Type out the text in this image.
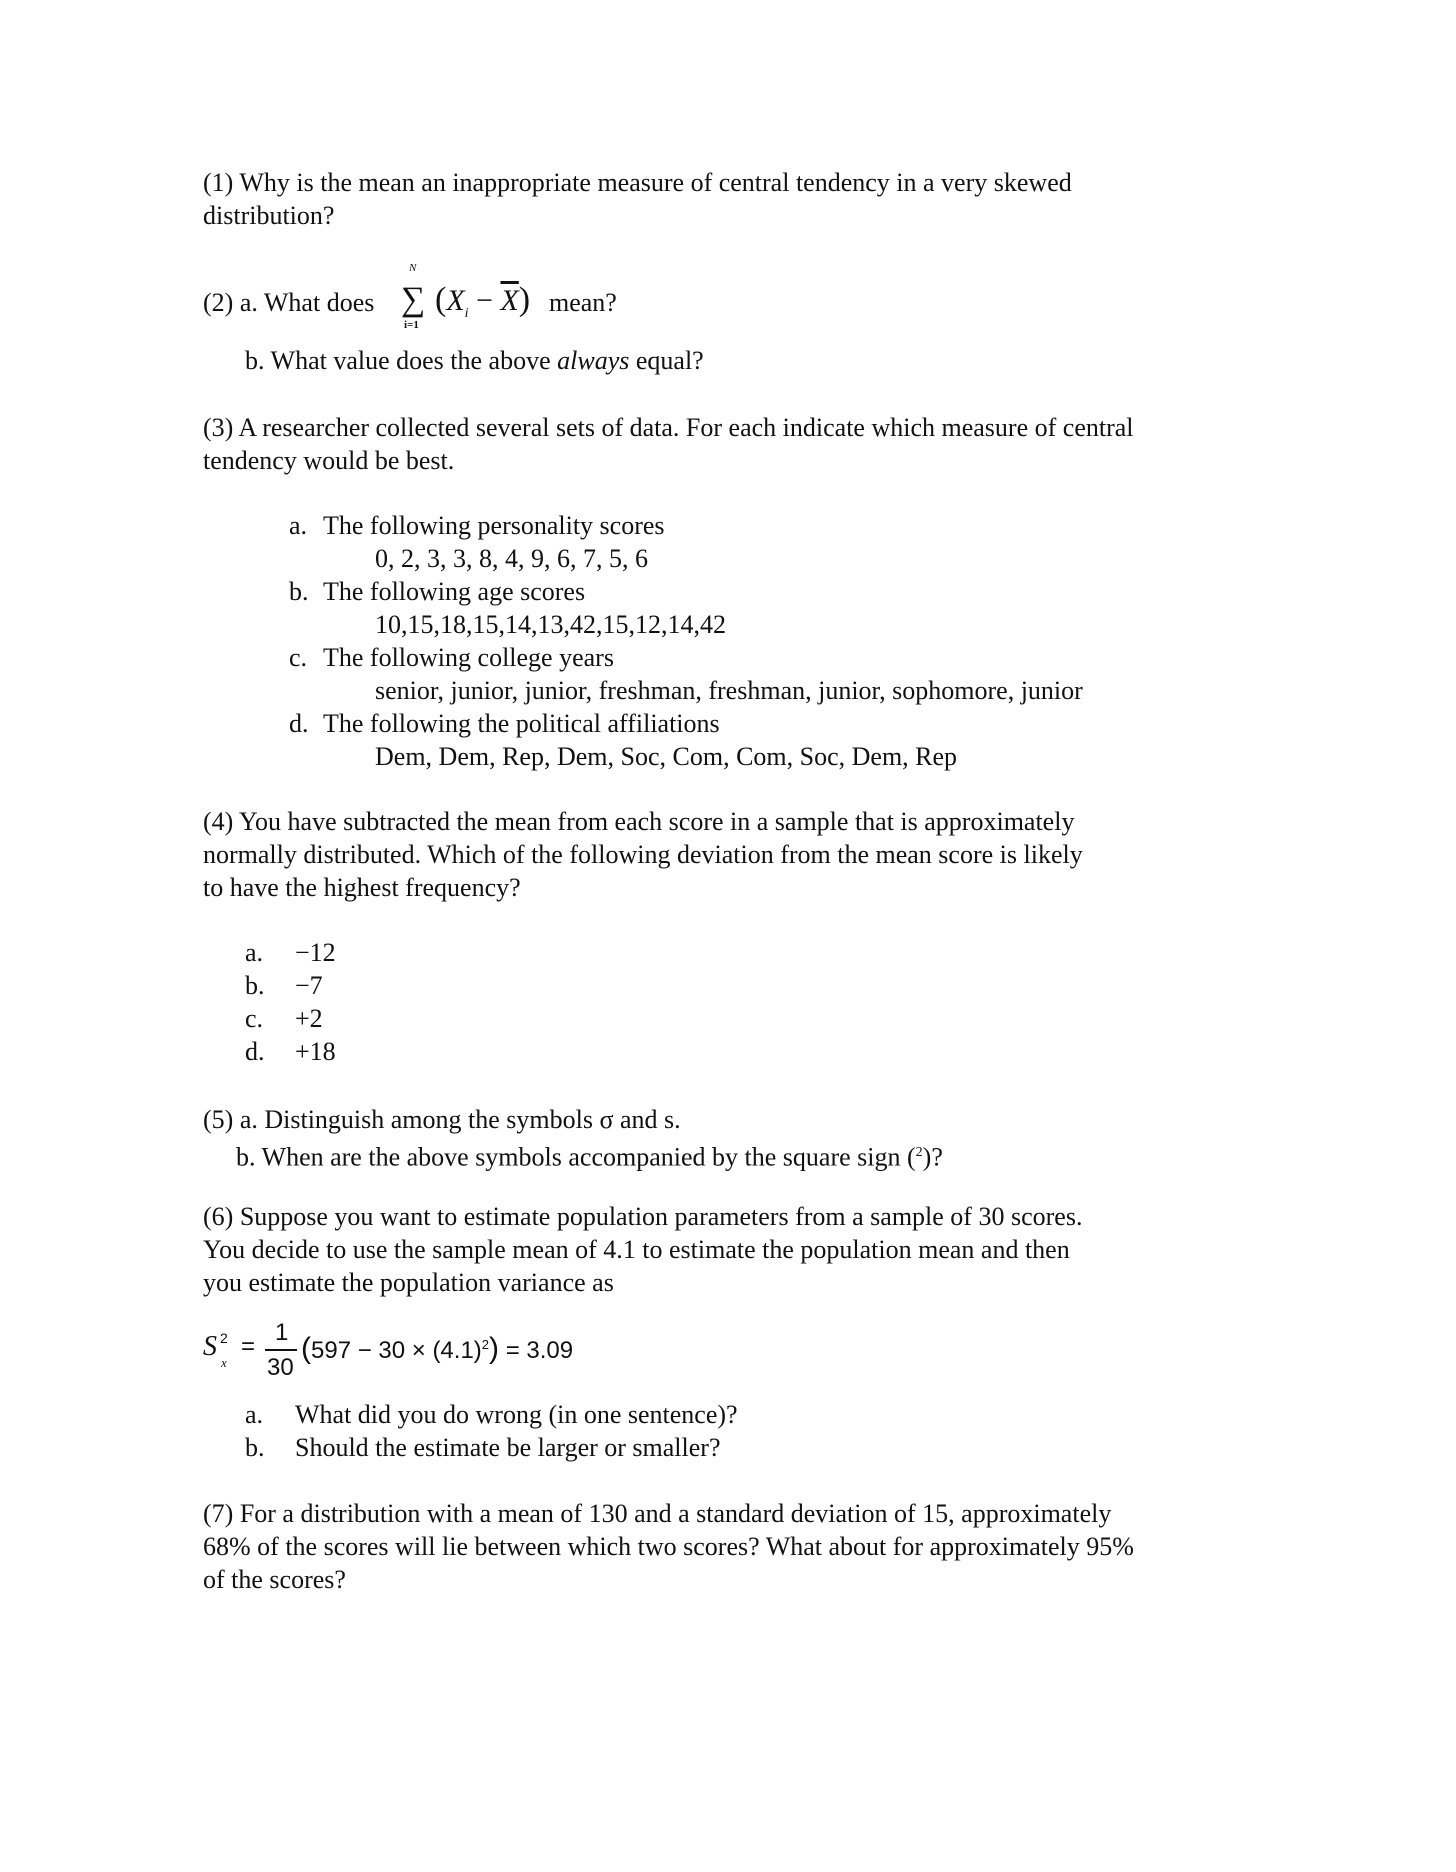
(1) Why is the mean an inappropriate measure of central tendency in a very skewed
distribution?
(2) a. What does
N
∑
i=1
$(X_i - \overline{X})$ mean?
b. What value does the above always equal?
(3) A researcher collected several sets of data. For each indicate which measure of central
tendency would be best.
a. The following personality scores
0, 2, 3, 3, 8, 4, 9, 6, 7, 5, 6
b. The following age scores
10,15,18,15,14,13,42,15,12,14,42
c. The following college years
senior, junior, junior, freshman, freshman, junior, sophomore, junior
d. The following the political affiliations
Dem, Dem, Rep, Dem, Soc, Com, Com, Soc, Dem, Rep
(4) You have subtracted the mean from each score in a sample that is approximately
normally distributed. Which of the following deviation from the mean score is likely
to have the highest frequency?
a. −12
b. −7
c. +2
d. +18
(5) a. Distinguish among the symbols σ and s.
b. When are the above symbols accompanied by the square sign ($^2$)?
(6) Suppose you want to estimate population parameters from a sample of 30 scores.
You decide to use the sample mean of 4.1 to estimate the population mean and then
you estimate the population variance as
S 2
x
=
1
30
$(597 - 30 \times (4.1)^2) = 3.09$
a. What did you do wrong (in one sentence)?
b. Should the estimate be larger or smaller?
(7) For a distribution with a mean of 130 and a standard deviation of 15, approximately
68% of the scores will lie between which two scores? What about for approximately 95%
of the scores?
